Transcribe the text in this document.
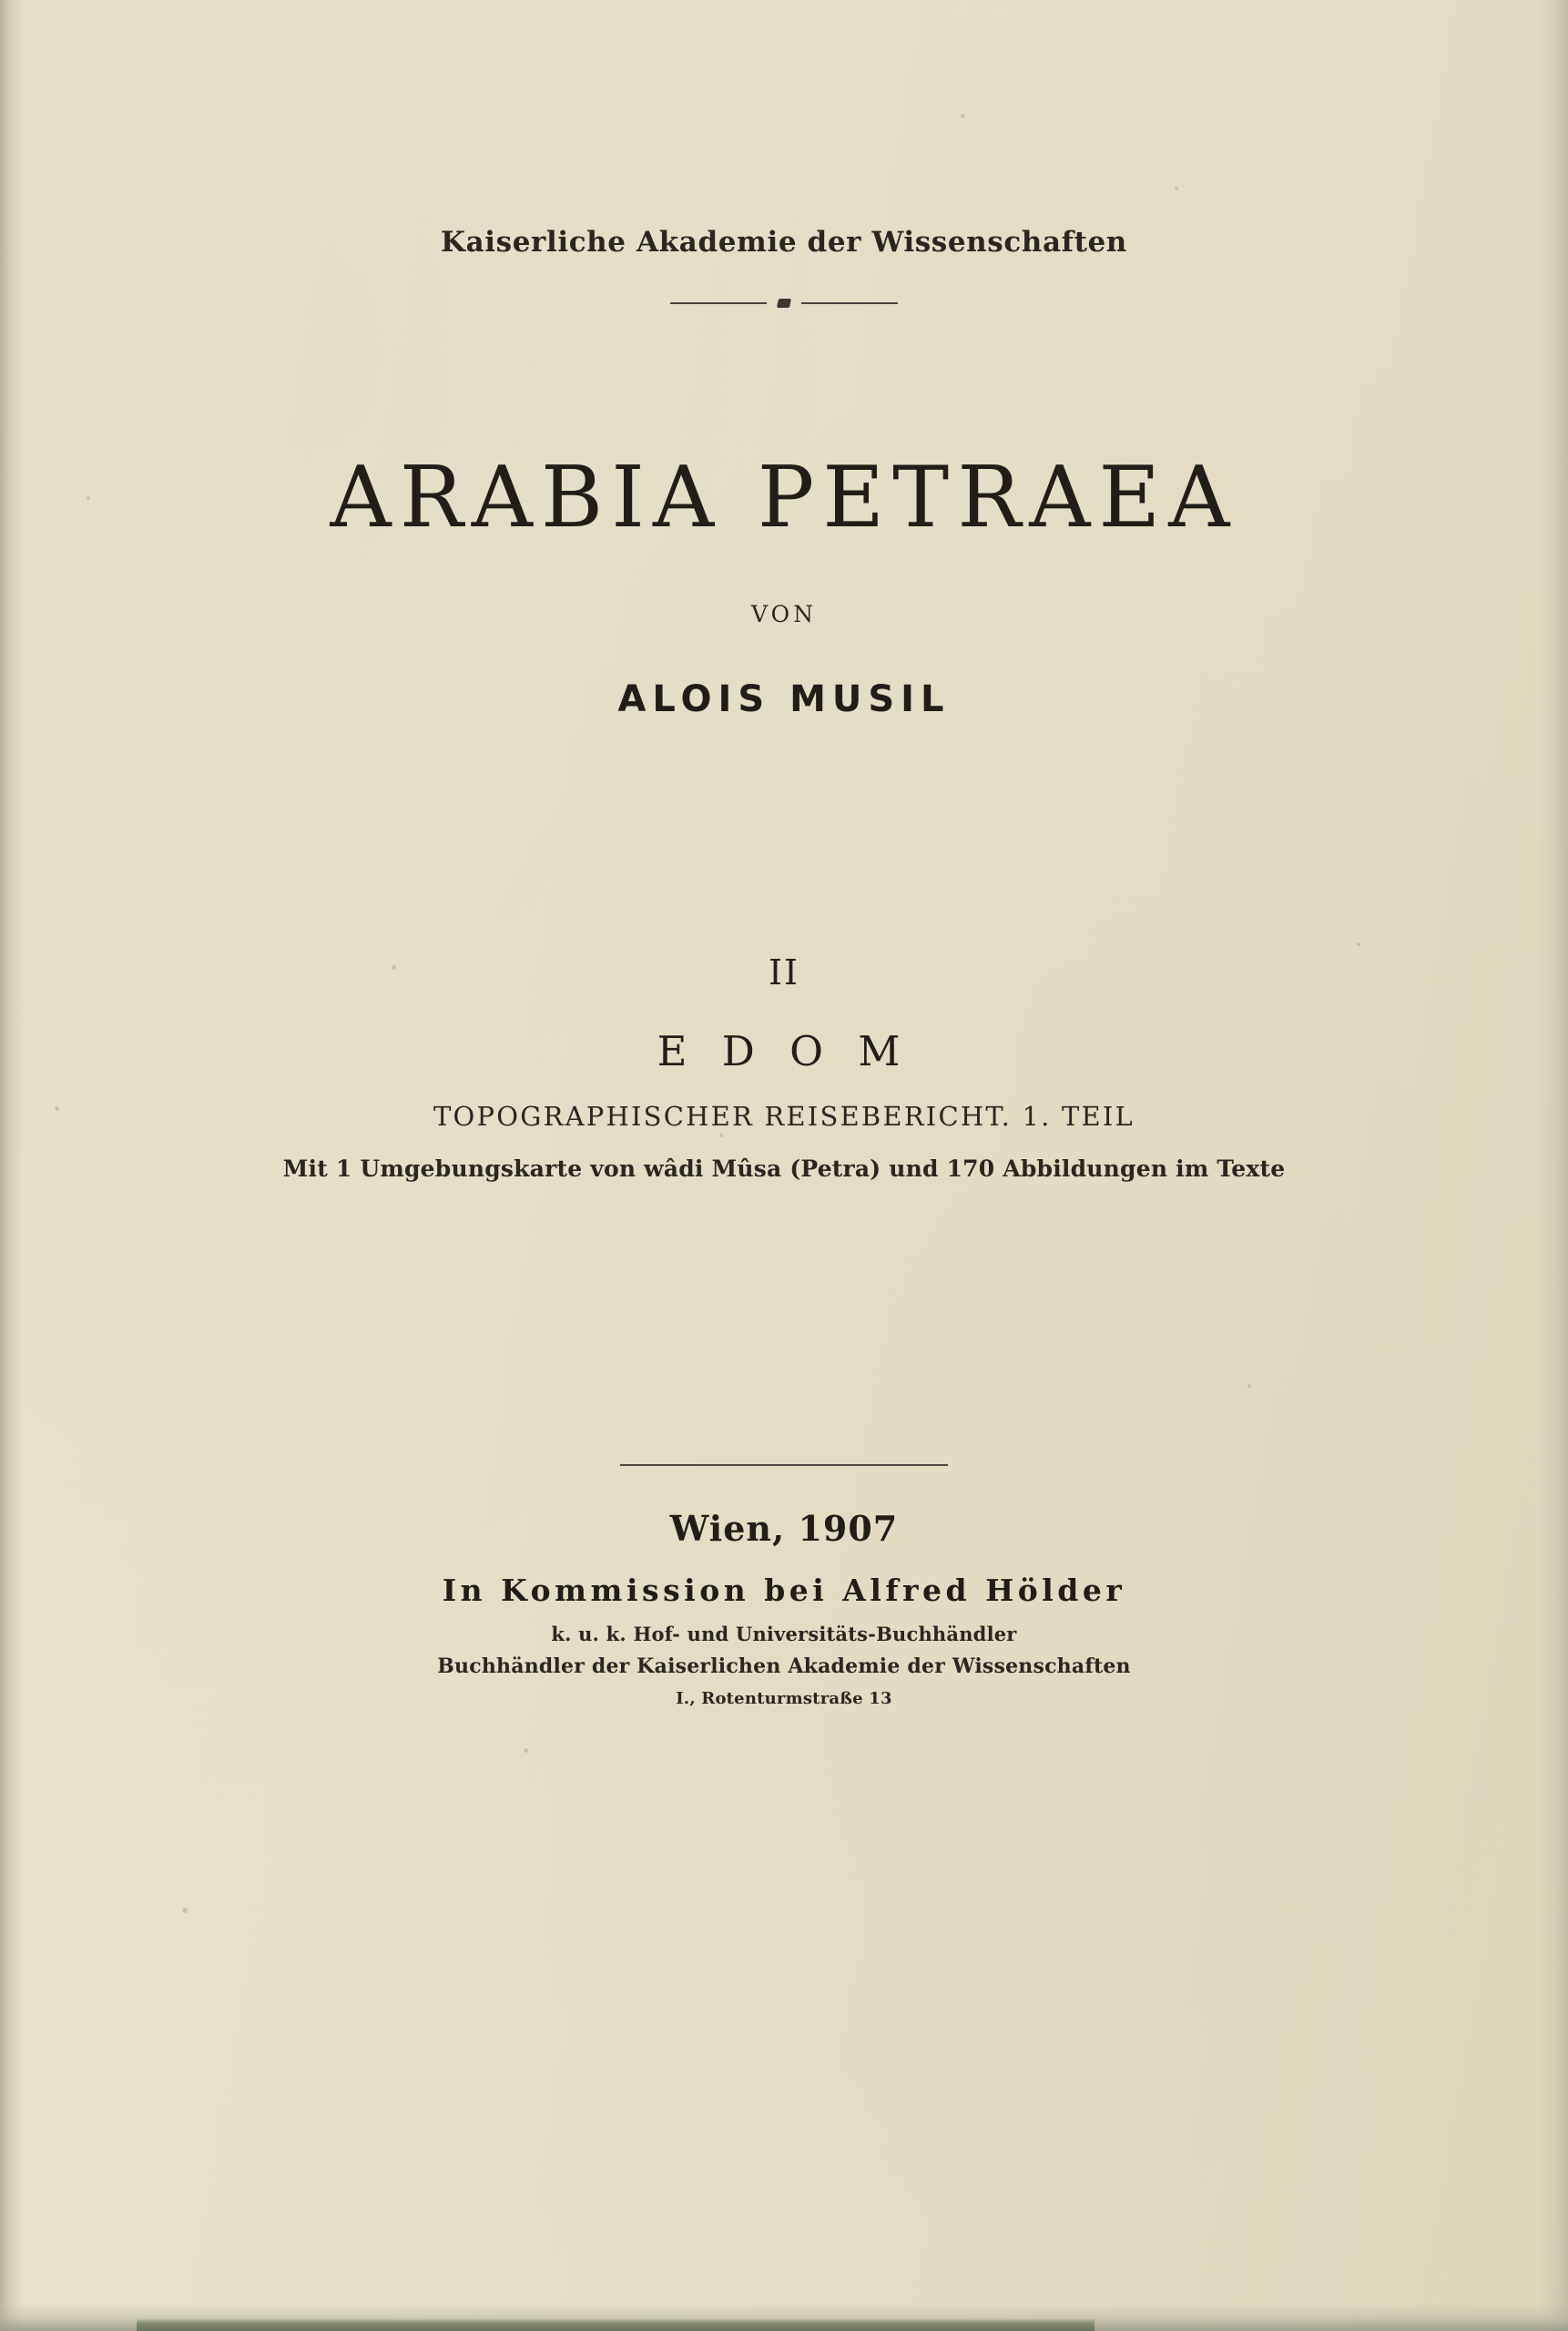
Kaiserliche Akademie der Wissenschaften
ARABIA PETRAEA
VON
ALOIS MUSIL
II
E D O M
TOPOGRAPHISCHER REISEBERICHT. 1. TEIL
Mit 1 Umgebungskarte von wâdi Mûsa (Petra) und 170 Abbildungen im Texte
Wien, 1907
In Kommission bei Alfred Hölder
k. u. k. Hof- und Universitäts-Buchhändler
Buchhändler der Kaiserlichen Akademie der Wissenschaften
I., Rotenturmstraße 13
